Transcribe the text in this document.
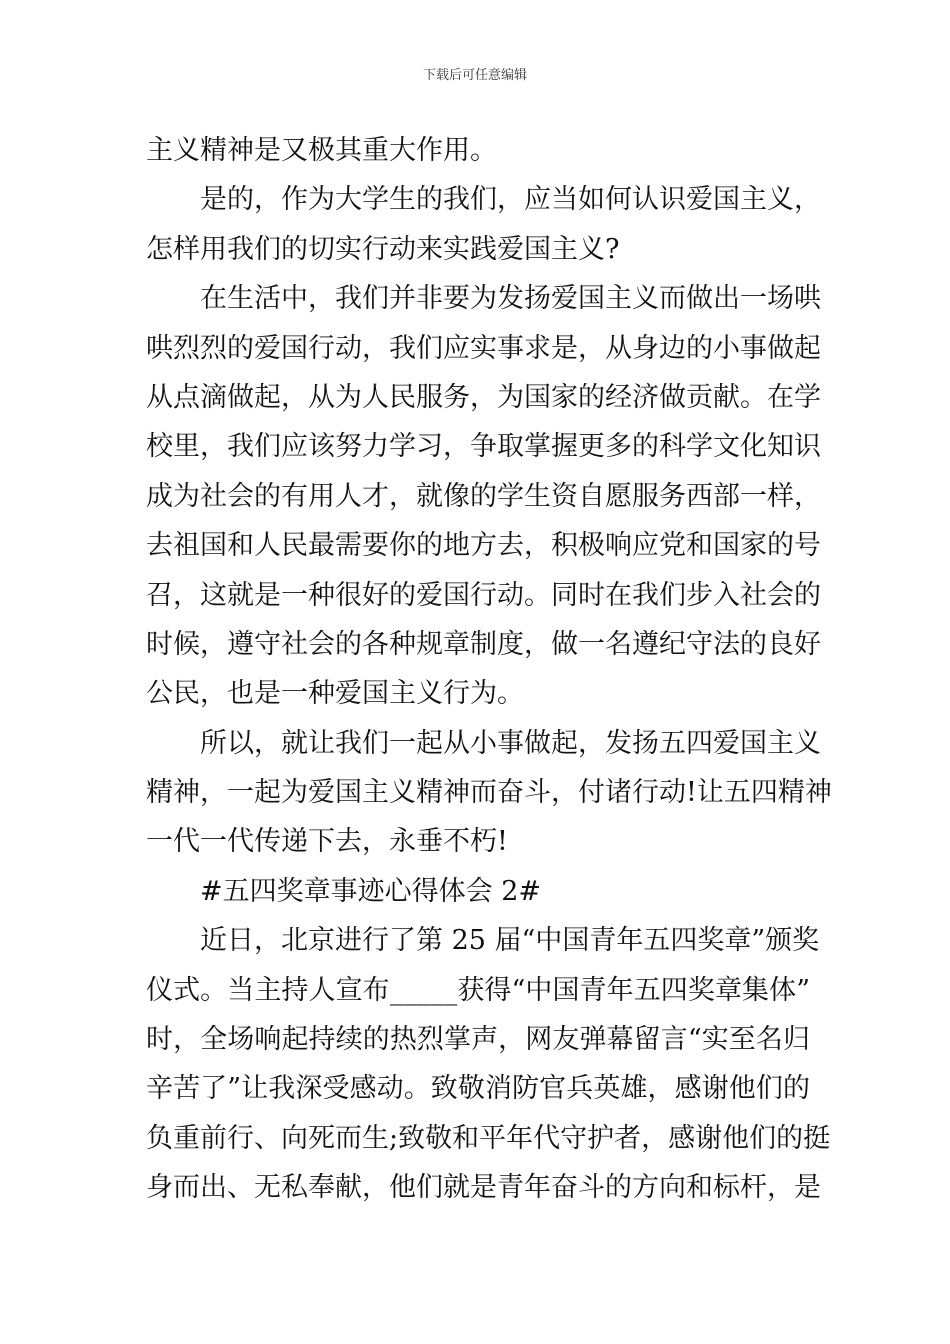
下载后可任意编辑
主义精神是又极其重大作用。
是的，作为大学生的我们，应当如何认识爱国主义，
怎样用我们的切实行动来实践爱国主义?
在生活中，我们并非要为发扬爱国主义而做出一场哄
哄烈烈的爱国行动，我们应实事求是，从身边的小事做起
从点滴做起，从为人民服务，为国家的经济做贡献。在学
校里，我们应该努力学习，争取掌握更多的科学文化知识
成为社会的有用人才，就像的学生资自愿服务西部一样，
去祖国和人民最需要你的地方去，积极响应党和国家的号
召，这就是一种很好的爱国行动。同时在我们步入社会的
时候，遵守社会的各种规章制度，做一名遵纪守法的良好
公民，也是一种爱国主义行为。
所以，就让我们一起从小事做起，发扬五四爱国主义
精神，一起为爱国主义精神而奋斗，付诸行动!让五四精神
一代一代传递下去，永垂不朽!
#五四奖章事迹心得体会 2#
近日，北京进行了第 25 届“中国青年五四奖章”颁奖
仪式。当主持人宣布_____获得“中国青年五四奖章集体”
时，全场响起持续的热烈掌声，网友弹幕留言“实至名归
辛苦了”让我深受感动。致敬消防官兵英雄，感谢他们的
负重前行、向死而生;致敬和平年代守护者，感谢他们的挺
身而出、无私奉献，他们就是青年奋斗的方向和标杆，是
